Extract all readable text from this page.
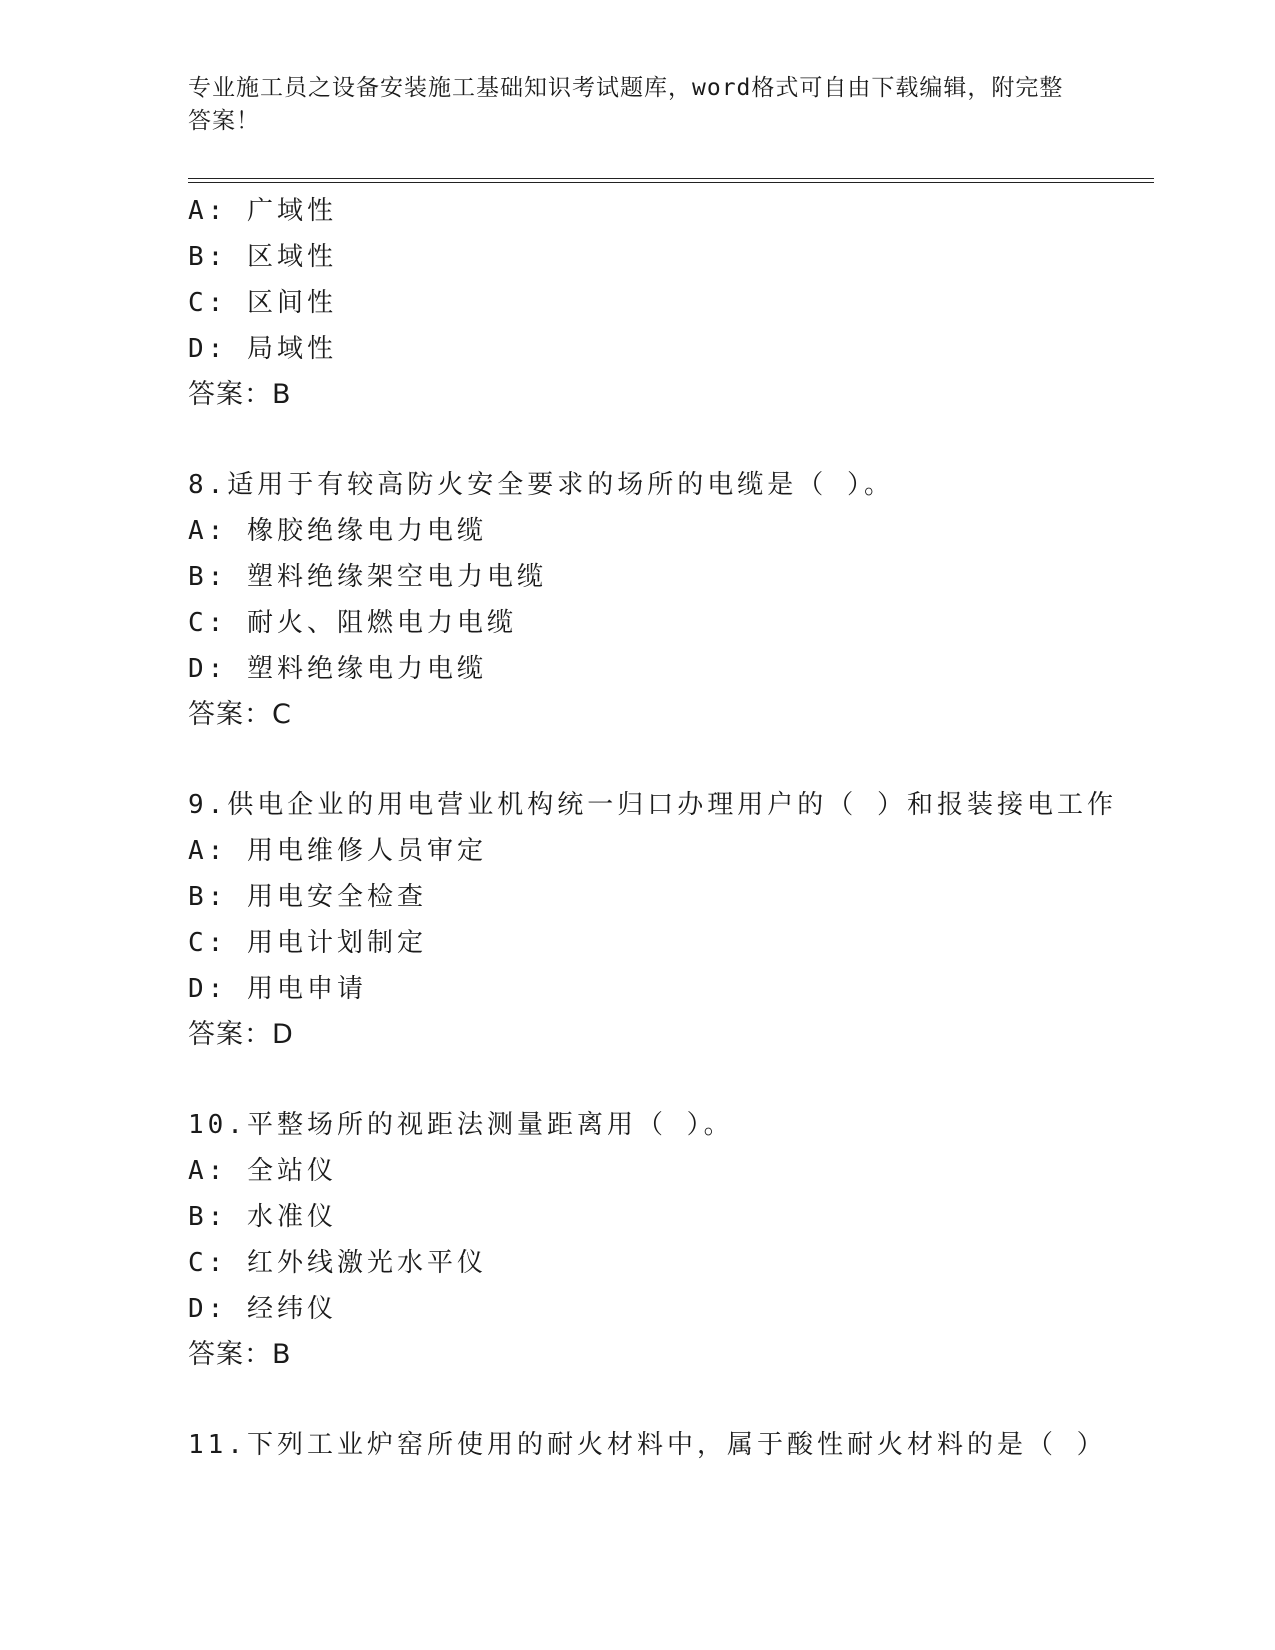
专业施工员之设备安装施工基础知识考试题库，word格式可自由下载编辑，附完整答案！
A: 广域性
B: 区域性
C: 区间性
D: 局域性
答案：B
8.适用于有较高防火安全要求的场所的电缆是（ ）。
A: 橡胶绝缘电力电缆
B: 塑料绝缘架空电力电缆
C: 耐火、阻燃电力电缆
D: 塑料绝缘电力电缆
答案：C
9.供电企业的用电营业机构统一归口办理用户的（ ）和报装接电工作
A: 用电维修人员审定
B: 用电安全检查
C: 用电计划制定
D: 用电申请
答案：D
10.平整场所的视距法测量距离用（ ）。
A: 全站仪
B: 水准仪
C: 红外线激光水平仪
D: 经纬仪
答案：B
11.下列工业炉窑所使用的耐火材料中，属于酸性耐火材料的是（ ）
